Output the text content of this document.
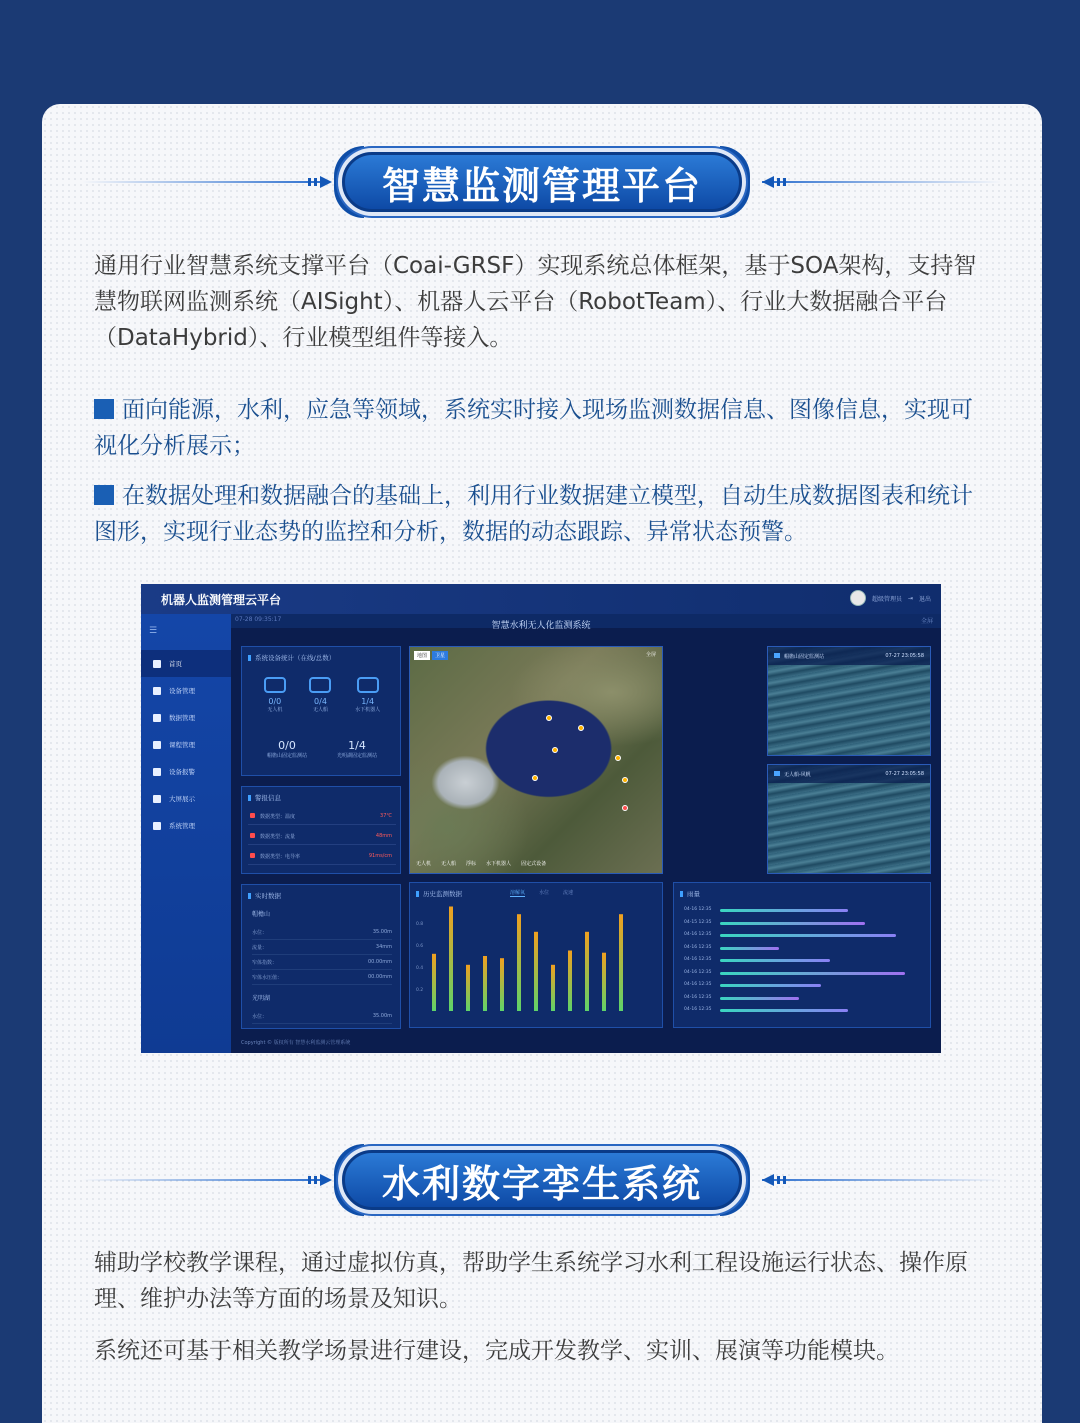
智慧监测管理平台

通用行业智慧系统支撑平台（Coai-GRSF）实现系统总体框架，基于SOA架构，支持智慧物联网监测系统（AISight）、机器人云平台（RobotTeam）、行业大数据融合平台（DataHybrid）、行业模型组件等接入。

面向能源，水利，应急等领域，系统实时接入现场监测数据信息、图像信息，实现可视化分析展示；

在数据处理和数据融合的基础上，利用行业数据建立模型，自动生成数据图表和统计图形，实现行业态势的监控和分析，数据的动态跟踪、异常状态预警。

机器人监测管理云平台	超级管理员 ⇥ 退出
☰
首页
设备管理
数据管理
课程管理
设备报警
大屏展示
系统管理
07-28 09:35:17
智慧水利无人化监测系统	全屏
系统设备统计（在线/总数）
0/0
无人机
0/4
无人船
1/4
水下机器人
0/0
帽檐山固定监测站
1/4
光明湖固定监测站
警报信息
数据类型：温度	37℃
数据类型：流量	48mm
数据类型：电导率	91ms/cm
实时数据
帽檐山
水位：	35.00m
流量：	34mm
窄体指数：	00.00mm
窄体水压值：	00.00mm
光明湖
水位：	35.00m
地图	卫星	全屏
无人机 无人船 浮标 水下机器人 固定式设备
帽檐山固定监测站	07-27 23:05:58
无人船-风帆	07-27 23:05:58
历史监测数据	溶解氧	水位	流速
0.2
0.4
0.6
0.8
雨量
04-16 12:35
04-15 12:35
04-16 12:35
04-16 12:35
04-16 12:35
04-16 12:35
04-16 12:35
04-16 12:35
04-16 12:35
Copyright © 版权所有 智慧水利监测云管理系统
水利数字孪生系统

辅助学校教学课程，通过虚拟仿真，帮助学生系统学习水利工程设施运行状态、操作原理、维护办法等方面的场景及知识。

系统还可基于相关教学场景进行建设，完成开发教学、实训、展演等功能模块。
